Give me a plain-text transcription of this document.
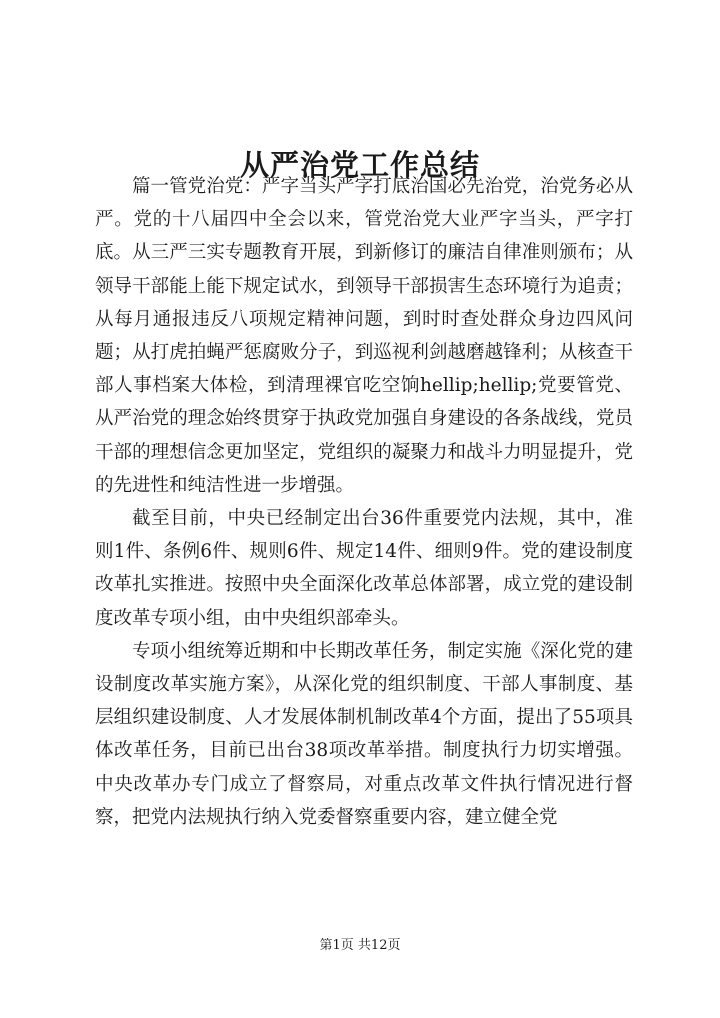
从严治党工作总结

篇一管党治党：严字当头严字打底治国必先治党，治党务必从严。党的十八届四中全会以来，管党治党大业严字当头，严字打底。从三严三实专题教育开展，到新修订的廉洁自律准则颁布；从领导干部能上能下规定试水，到领导干部损害生态环境行为追责；从每月通报违反八项规定精神问题，到时时查处群众身边四风问题；从打虎拍蝇严惩腐败分子，到巡视利剑越磨越锋利；从核查干部人事档案大体检，到清理裸官吃空饷hellip;hellip;党要管党、从严治党的理念始终贯穿于执政党加强自身建设的各条战线，党员干部的理想信念更加坚定，党组织的凝聚力和战斗力明显提升，党的先进性和纯洁性进一步增强。

截至目前，中央已经制定出台36件重要党内法规，其中，准则1件、条例6件、规则6件、规定14件、细则9件。党的建设制度改革扎实推进。按照中央全面深化改革总体部署，成立党的建设制度改革专项小组，由中央组织部牵头。

专项小组统筹近期和中长期改革任务，制定实施《深化党的建设制度改革实施方案》，从深化党的组织制度、干部人事制度、基层组织建设制度、人才发展体制机制改革4个方面，提出了55项具体改革任务，目前已出台38项改革举措。制度执行力切实增强。中央改革办专门成立了督察局，对重点改革文件执行情况进行督察，把党内法规执行纳入党委督察重要内容，建立健全党

第1页 共12页
